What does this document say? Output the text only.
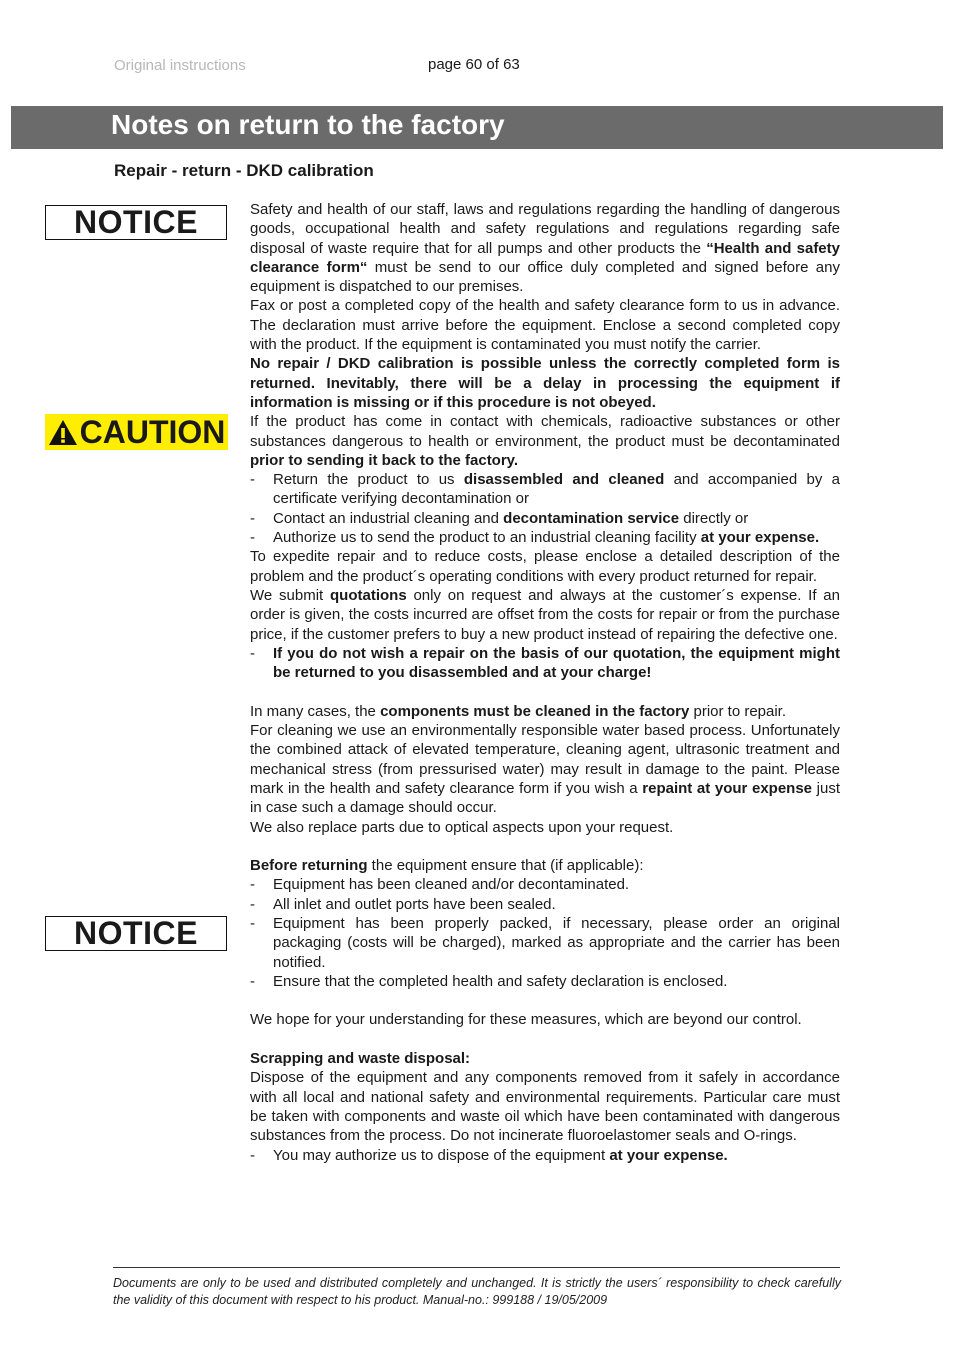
Original instructions	page 60 of 63
Notes on return to the factory
Repair - return - DKD calibration
NOTICE
CAUTION
NOTICE

Safety and health of our staff, laws and regulations regarding the handling of dangerous goods, occupational health and safety regulations and regulations regarding safe disposal of waste require that for all pumps and other products the “Health and safety clearance form“ must be send to our office duly completed and signed before any equipment is dispatched to our premises.

Fax or post a completed copy of the health and safety clearance form to us in advance. The declaration must arrive before the equipment. Enclose a second completed copy with the product. If the equipment is contaminated you must notify the carrier.

No repair / DKD calibration is possible unless the correctly completed form is returned. Inevitably, there will be a delay in processing the equipment if information is missing or if this procedure is not obeyed.

If the product has come in contact with chemicals, radioactive substances or other substances dangerous to health or environment, the product must be decontaminated prior to sending it back to the factory.

-	Return the product to us disassembled and cleaned and accompanied by a certificate verifying decontamination or
-	Contact an industrial cleaning and decontamination service directly or
-	Authorize us to send the product to an industrial cleaning facility at your expense.

To expedite repair and to reduce costs, please enclose a detailed description of the problem and the product´s operating conditions with every product returned for repair.

We submit quotations only on request and always at the customer´s expense. If an order is given, the costs incurred are offset from the costs for repair or from the purchase price, if the customer prefers to buy a new product instead of repairing the defective one.

-	If you do not wish a repair on the basis of our quotation, the equipment might be returned to you disassembled and at your charge!

In many cases, the components must be cleaned in the factory prior to repair.

For cleaning we use an environmentally responsible water based process. Unfortunately the combined attack of elevated temperature, cleaning agent, ultrasonic treatment and mechanical stress (from pressurised water) may result in damage to the paint. Please mark in the health and safety clearance form if you wish a repaint at your expense just in case such a damage should occur.

We also replace parts due to optical aspects upon your request.

Before returning the equipment ensure that (if applicable):

-	Equipment has been cleaned and/or decontaminated.
-	All inlet and outlet ports have been sealed.
-	Equipment has been properly packed, if necessary, please order an original packaging (costs will be charged), marked as appropriate and the carrier has been notified.
-	Ensure that the completed health and safety declaration is enclosed.

We hope for your understanding for these measures, which are beyond our control.

Scrapping and waste disposal:

Dispose of the equipment and any components removed from it safely in accordance with all local and national safety and environmental requirements. Particular care must be taken with components and waste oil which have been contaminated with dangerous substances from the process. Do not incinerate fluoroelastomer seals and O-rings.

-	You may authorize us to dispose of the equipment at your expense.
Documents are only to be used and distributed completely and unchanged. It is strictly the users´ responsibility to check carefully the validity of this document with respect to his product. Manual-no.: 999188 / 19/05/2009
